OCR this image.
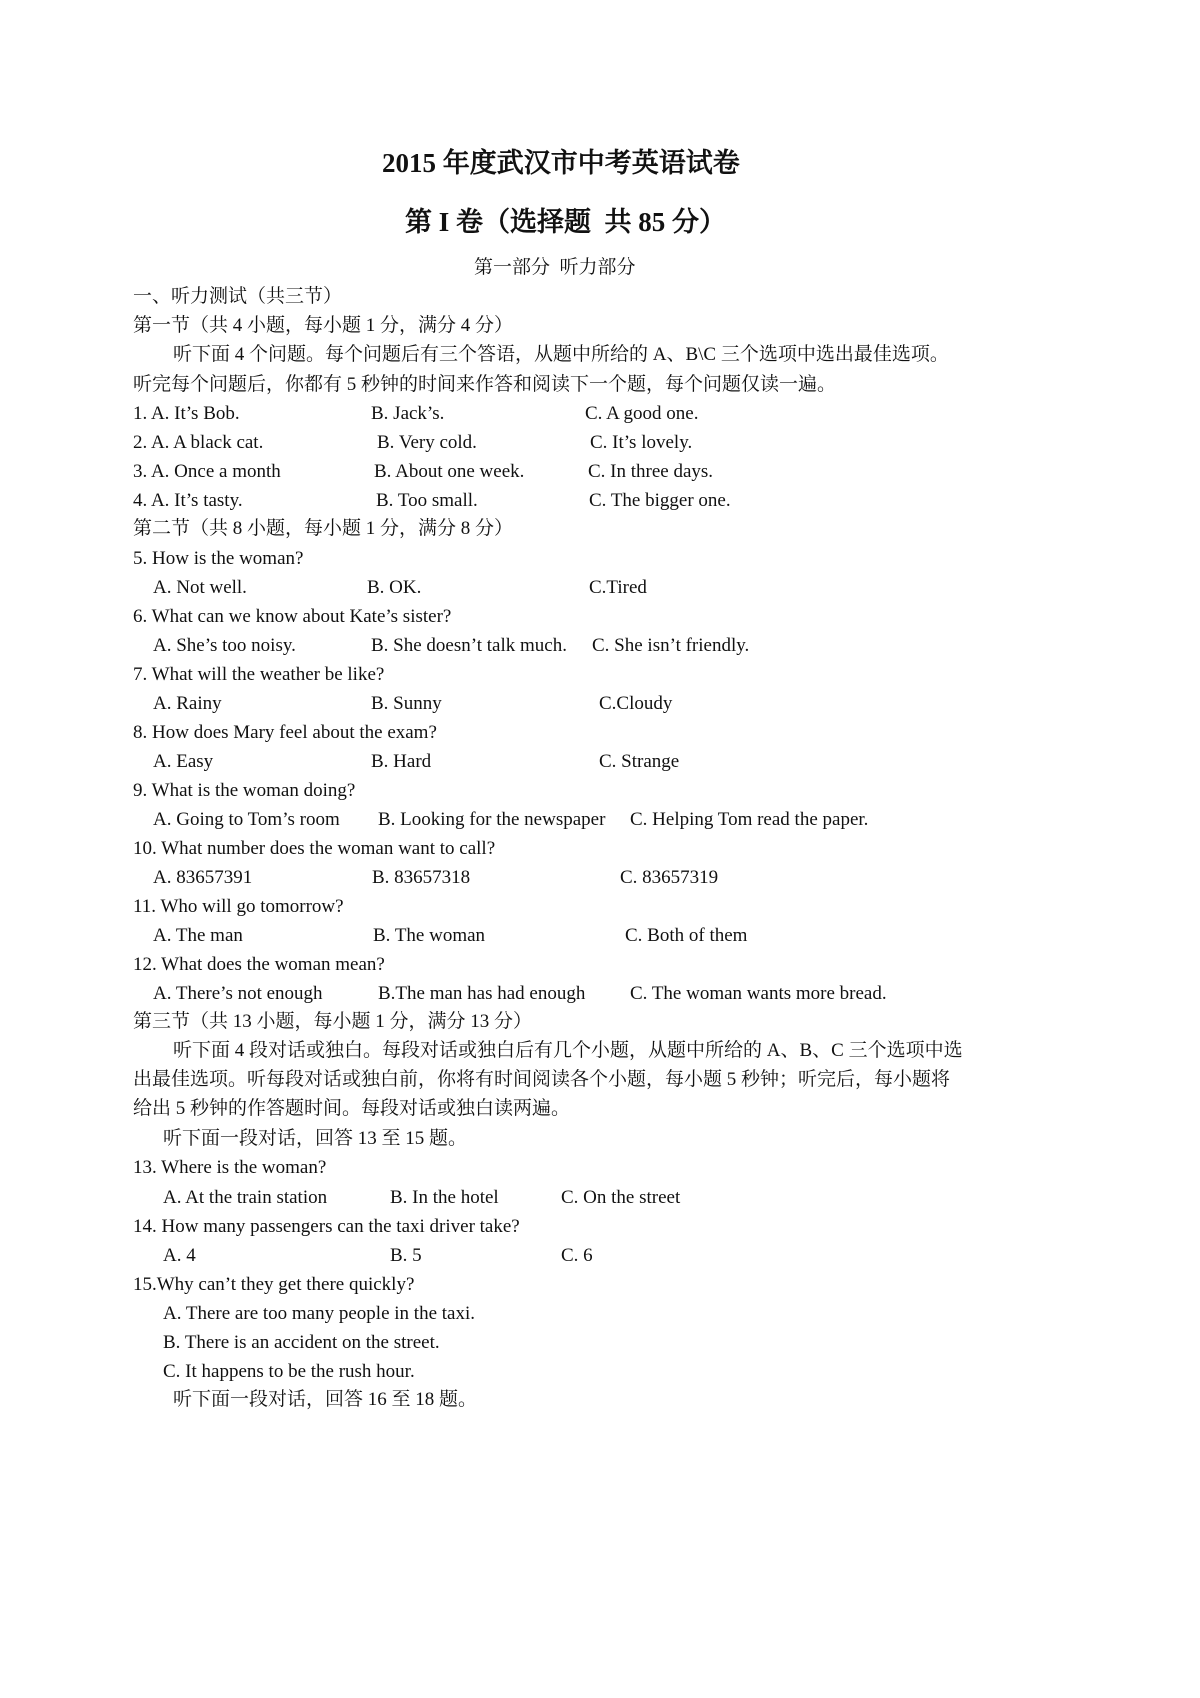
2015 年度武汉市中考英语试卷
第 I 卷（选择题  共 85 分）
第一部分  听力部分
一、听力测试（共三节）
第一节（共 4 小题，每小题 1 分，满分 4 分）
听下面 4 个问题。每个问题后有三个答语，从题中所给的 A、B\C 三个选项中选出最佳选项。
听完每个问题后，你都有 5 秒钟的时间来作答和阅读下一个题，每个问题仅读一遍。
1. A. It’s Bob.	B. Jack’s.	C. A good one.
2. A. A black cat.	B. Very cold.	C. It’s lovely.
3. A. Once a month	B. About one week.	C. In three days.
4. A. It’s tasty.	B. Too small.	C. The bigger one.
第二节（共 8 小题，每小题 1 分，满分 8 分）
5. How is the woman?
A. Not well.	B. OK.	C.Tired
6. What can we know about Kate’s sister?
A. She’s too noisy.	B. She doesn’t talk much. C. She isn’t friendly.
7. What will the weather be like?
A. Rainy	B. Sunny	C.Cloudy
8. How does Mary feel about the exam?
A. Easy	B. Hard	C. Strange
9. What is the woman doing?
A. Going to Tom’s room B. Looking for the newspaper C. Helping Tom read the paper.
10. What number does the woman want to call?
A. 83657391	B. 83657318	C. 83657319
11. Who will go tomorrow?
A. The man	B. The woman	C. Both of them
12. What does the woman mean?
A. There’s not enough	B.The man has had enough C. The woman wants more bread.
第三节（共 13 小题，每小题 1 分，满分 13 分）
听下面 4 段对话或独白。每段对话或独白后有几个小题，从题中所给的 A、B、C 三个选项中选
出最佳选项。听每段对话或独白前，你将有时间阅读各个小题，每小题 5 秒钟；听完后，每小题将
给出 5 秒钟的作答题时间。每段对话或独白读两遍。
听下面一段对话，回答 13 至 15 题。
13. Where is the woman?
A. At the train station	B. In the hotel	C. On the street
14. How many passengers can the taxi driver take?
A. 4	B. 5	C. 6
15.Why can’t they get there quickly?
A. There are too many people in the taxi.
B. There is an accident on the street.
C. It happens to be the rush hour.
听下面一段对话，回答 16 至 18 题。
